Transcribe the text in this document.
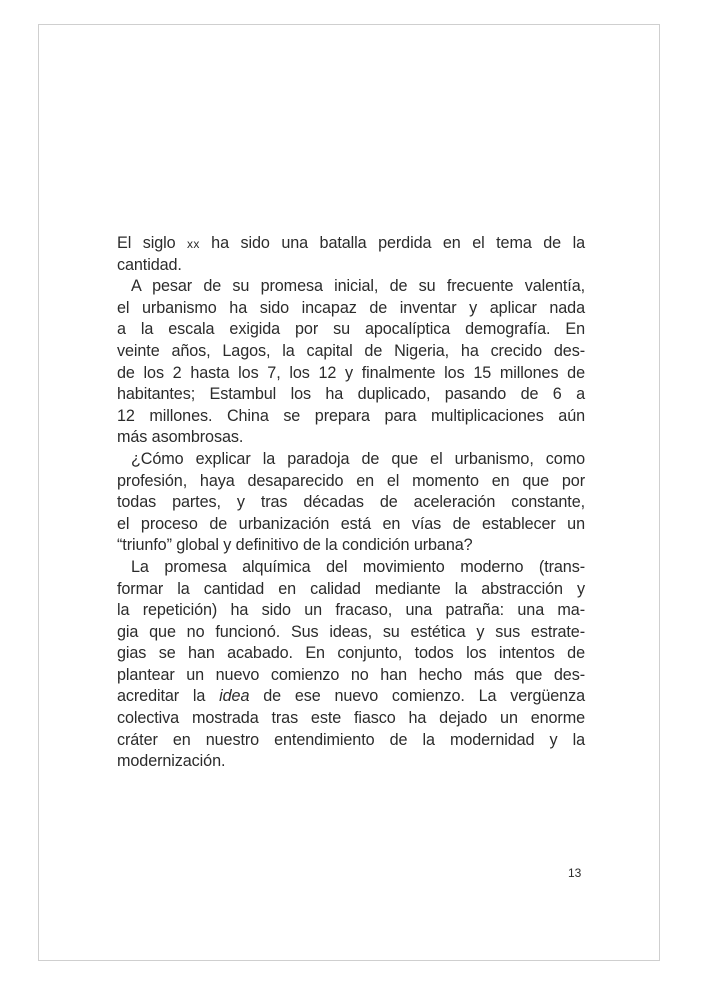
El siglo xx ha sido una batalla perdida en el tema de la
cantidad.
A pesar de su promesa inicial, de su frecuente valentía,
el urbanismo ha sido incapaz de inventar y aplicar nada
a la escala exigida por su apocalíptica demografía. En
veinte años, Lagos, la capital de Nigeria, ha crecido des-
de los 2 hasta los 7, los 12 y finalmente los 15 millones de
habitantes; Estambul los ha duplicado, pasando de 6 a
12 millones. China se prepara para multiplicaciones aún
más asombrosas.
¿Cómo explicar la paradoja de que el urbanismo, como
profesión, haya desaparecido en el momento en que por
todas partes, y tras décadas de aceleración constante,
el proceso de urbanización está en vías de establecer un
“triunfo” global y definitivo de la condición urbana?
La promesa alquímica del movimiento moderno (trans-
formar la cantidad en calidad mediante la abstracción y
la repetición) ha sido un fracaso, una patraña: una ma-
gia que no funcionó. Sus ideas, su estética y sus estrate-
gias se han acabado. En conjunto, todos los intentos de
plantear un nuevo comienzo no han hecho más que des-
acreditar la idea de ese nuevo comienzo. La vergüenza
colectiva mostrada tras este fiasco ha dejado un enorme
cráter en nuestro entendimiento de la modernidad y la
modernización.
13
